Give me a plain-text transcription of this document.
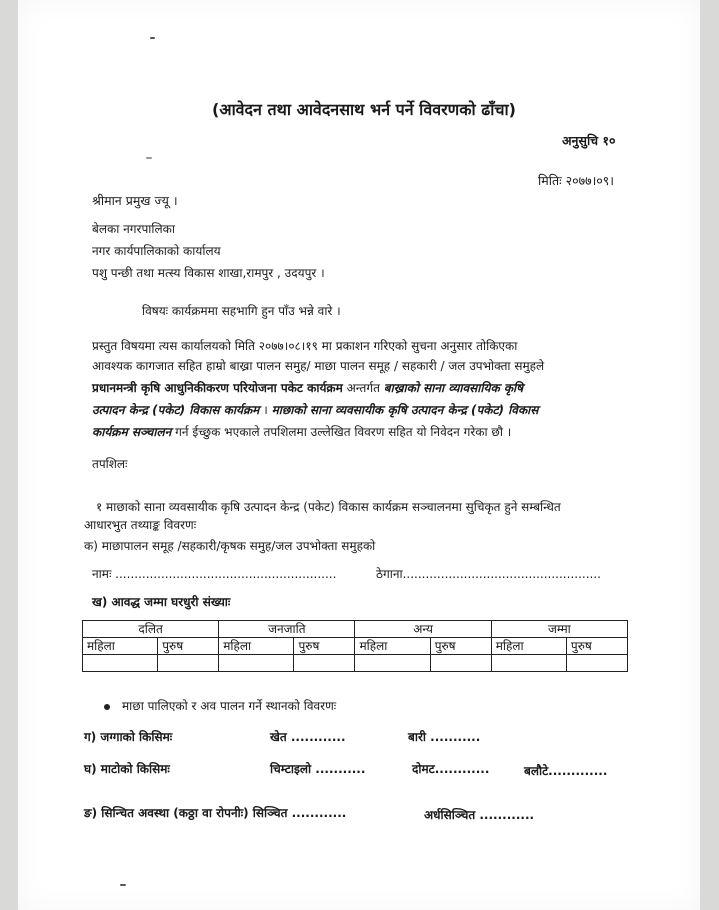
(आवेदन तथा आवेदनसाथ भर्न पर्ने विवरणको ढाँचा)
अनुसुचि १०
मितिः २०७७।०९।
श्रीमान प्रमुख ज्यू ।
बेलका नगरपालिका
नगर कार्यपालिकाको कार्यालय
पशु पन्छी तथा मत्स्य विकास शाखा,रामपुर , उदयपुर ।
विषयः कार्यक्रममा सहभागि हुन पाँउ भन्ने वारे ।
प्रस्तुत विषयमा त्यस कार्यालयको मिति २०७७।०८।१९ मा प्रकाशन गरिएको सुचना अनुसार तोकिएका
आवश्यक कागजात सहित हाम्रो बाख्रा पालन समुह/ माछा पालन समूह / सहकारी / जल उपभोक्ता समुहले
प्रधानमन्त्री कृषि आधुनिकीकरण परियोजना पकेट कार्यक्रम अन्तर्गत बाख्राको साना व्यावसायिक कृषि
उत्पादन केन्द्र (पकेट) विकास कार्यक्रम । माछाको साना व्यवसायीक कृषि उत्पादन केन्द्र (पकेट) विकास
कार्यक्रम सञ्चालन गर्न ईच्छुक भएकाले तपशिलमा उल्लेखित विवरण सहित यो निवेदन गरेका छौ ।
तपशिलः
१ माछाको साना व्यवसायीक कृषि उत्पादन केन्द्र (पकेट) विकास कार्यक्रम सञ्चालनमा सुचिकृत हुने सम्बन्धित
आधारभुत तथ्याङ्क विवरणः
क) माछापालन समूह /सहकारी/कृषक समुह/जल उपभोक्ता समुहको
नामः ..........................................................	ठेगाना....................................................
ख) आवद्ध जम्मा घरधुरी संख्याः
दलित		जनजाति		अन्य		जम्मा	
महिला	पुरुष	महिला	पुरुष	महिला	पुरुष	महिला	पुरुष

माछा पालिएको र अव पालन गर्ने स्थानको विवरणः
ग) जग्गाको किसिमः	खेत ............	बारी ...........
घ) माटोको किसिमः	चिम्टाइलो ...........	दोमट............	बलौटे.............
ङ) सिन्चित अवस्था (कठ्ठा वा रोपनीः) सिञ्चित ............	अर्धसिञ्चित ............
